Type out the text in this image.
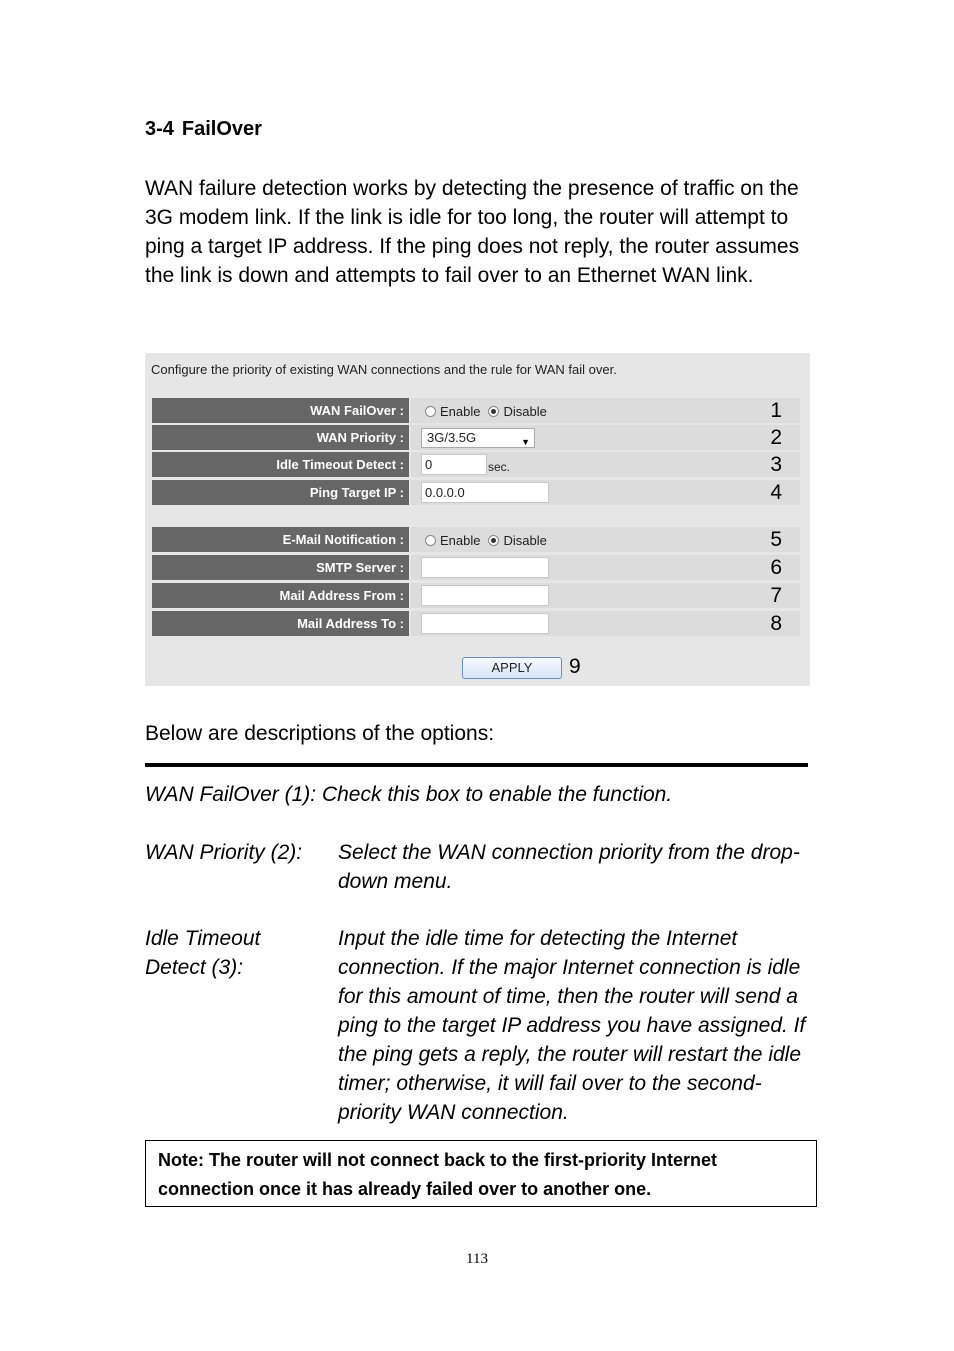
3-4 FailOver

WAN failure detection works by detecting the presence of traffic on the 3G modem link. If the link is idle for too long, the router will attempt to ping a target IP address. If the ping does not reply, the router assumes the link is down and attempts to fail over to an Ethernet WAN link.

Configure the priority of existing WAN connections and the rule for WAN fail over.
WAN FailOver :	Enable Disable	1
WAN Priority :	3G/3.5G	▼	2
Idle Timeout Detect :	0	sec.	3
Ping Target IP :	0.0.0.0	4
E-Mail Notification :	Enable Disable	5
SMTP Server :	6
Mail Address From :	7
Mail Address To :	8
APPLY	9
Below are descriptions of the options:
WAN FailOver (1): Check this box to enable the function.
WAN Priority (2):	Select the WAN connection priority from the drop-down menu.
Idle Timeout Detect (3):
Input the idle time for detecting the Internet connection. If the major Internet connection is idle for this amount of time, then the router will send a ping to the target IP address you have assigned. If the ping gets a reply, the router will restart the idle timer; otherwise, it will fail over to the second-priority WAN connection.
Note: The router will not connect back to the first-priority Internet connection once it has already failed over to another one.
113
